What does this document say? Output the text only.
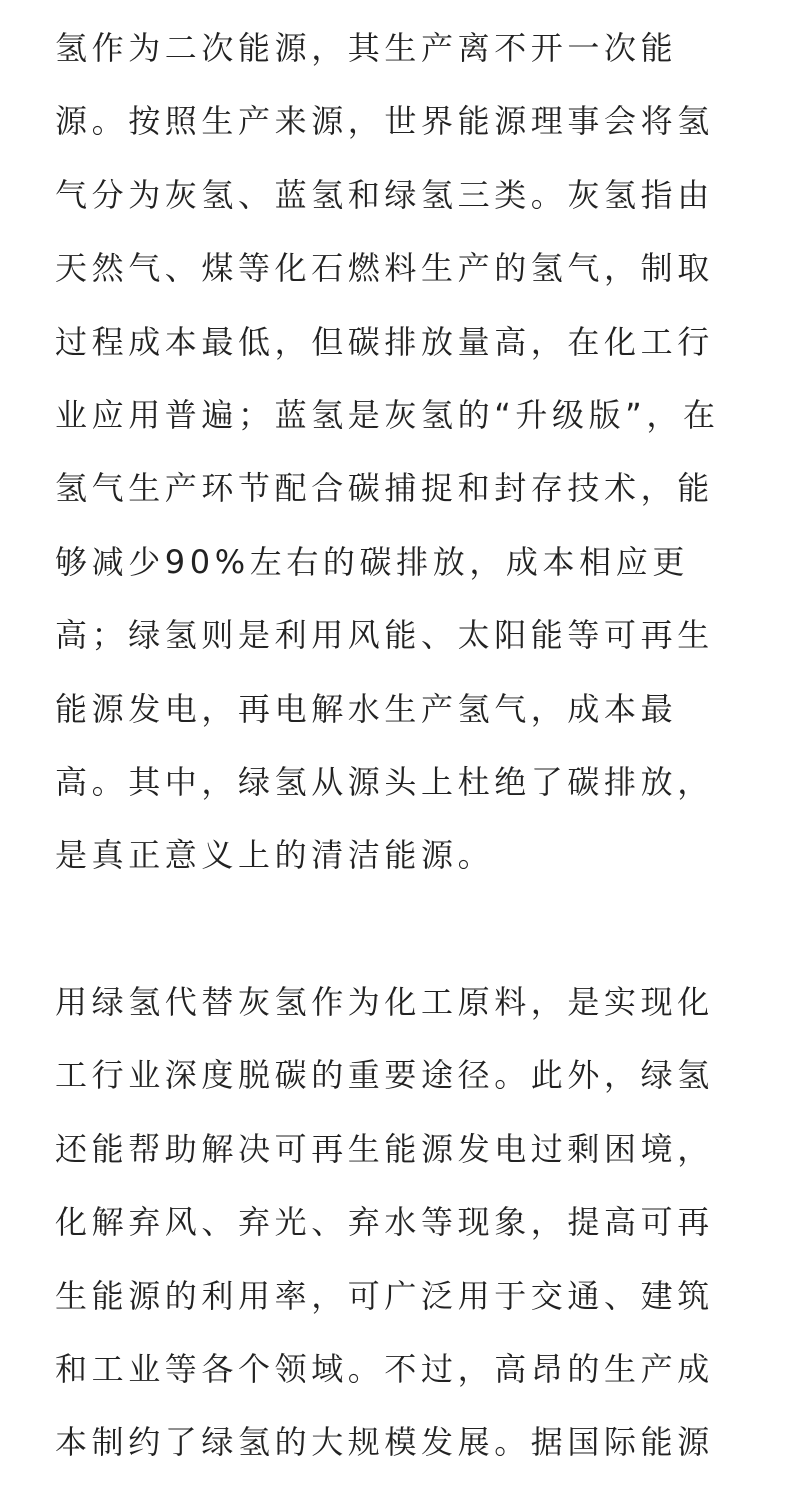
氢作为二次能源，其生产离不开一次能
源。按照生产来源，世界能源理事会将氢
气分为灰氢、蓝氢和绿氢三类。灰氢指由
天然气、煤等化石燃料生产的氢气，制取
过程成本最低，但碳排放量高，在化工行
业应用普遍；蓝氢是灰氢的“升级版”，在
氢气生产环节配合碳捕捉和封存技术，能
够减少90%左右的碳排放，成本相应更
高；绿氢则是利用风能、太阳能等可再生
能源发电，再电解水生产氢气，成本最
高。其中，绿氢从源头上杜绝了碳排放，
是真正意义上的清洁能源。
用绿氢代替灰氢作为化工原料，是实现化
工行业深度脱碳的重要途径。此外，绿氢
还能帮助解决可再生能源发电过剩困境，
化解弃风、弃光、弃水等现象，提高可再
生能源的利用率，可广泛用于交通、建筑
和工业等各个领域。不过，高昂的生产成
本制约了绿氢的大规模发展。据国际能源
